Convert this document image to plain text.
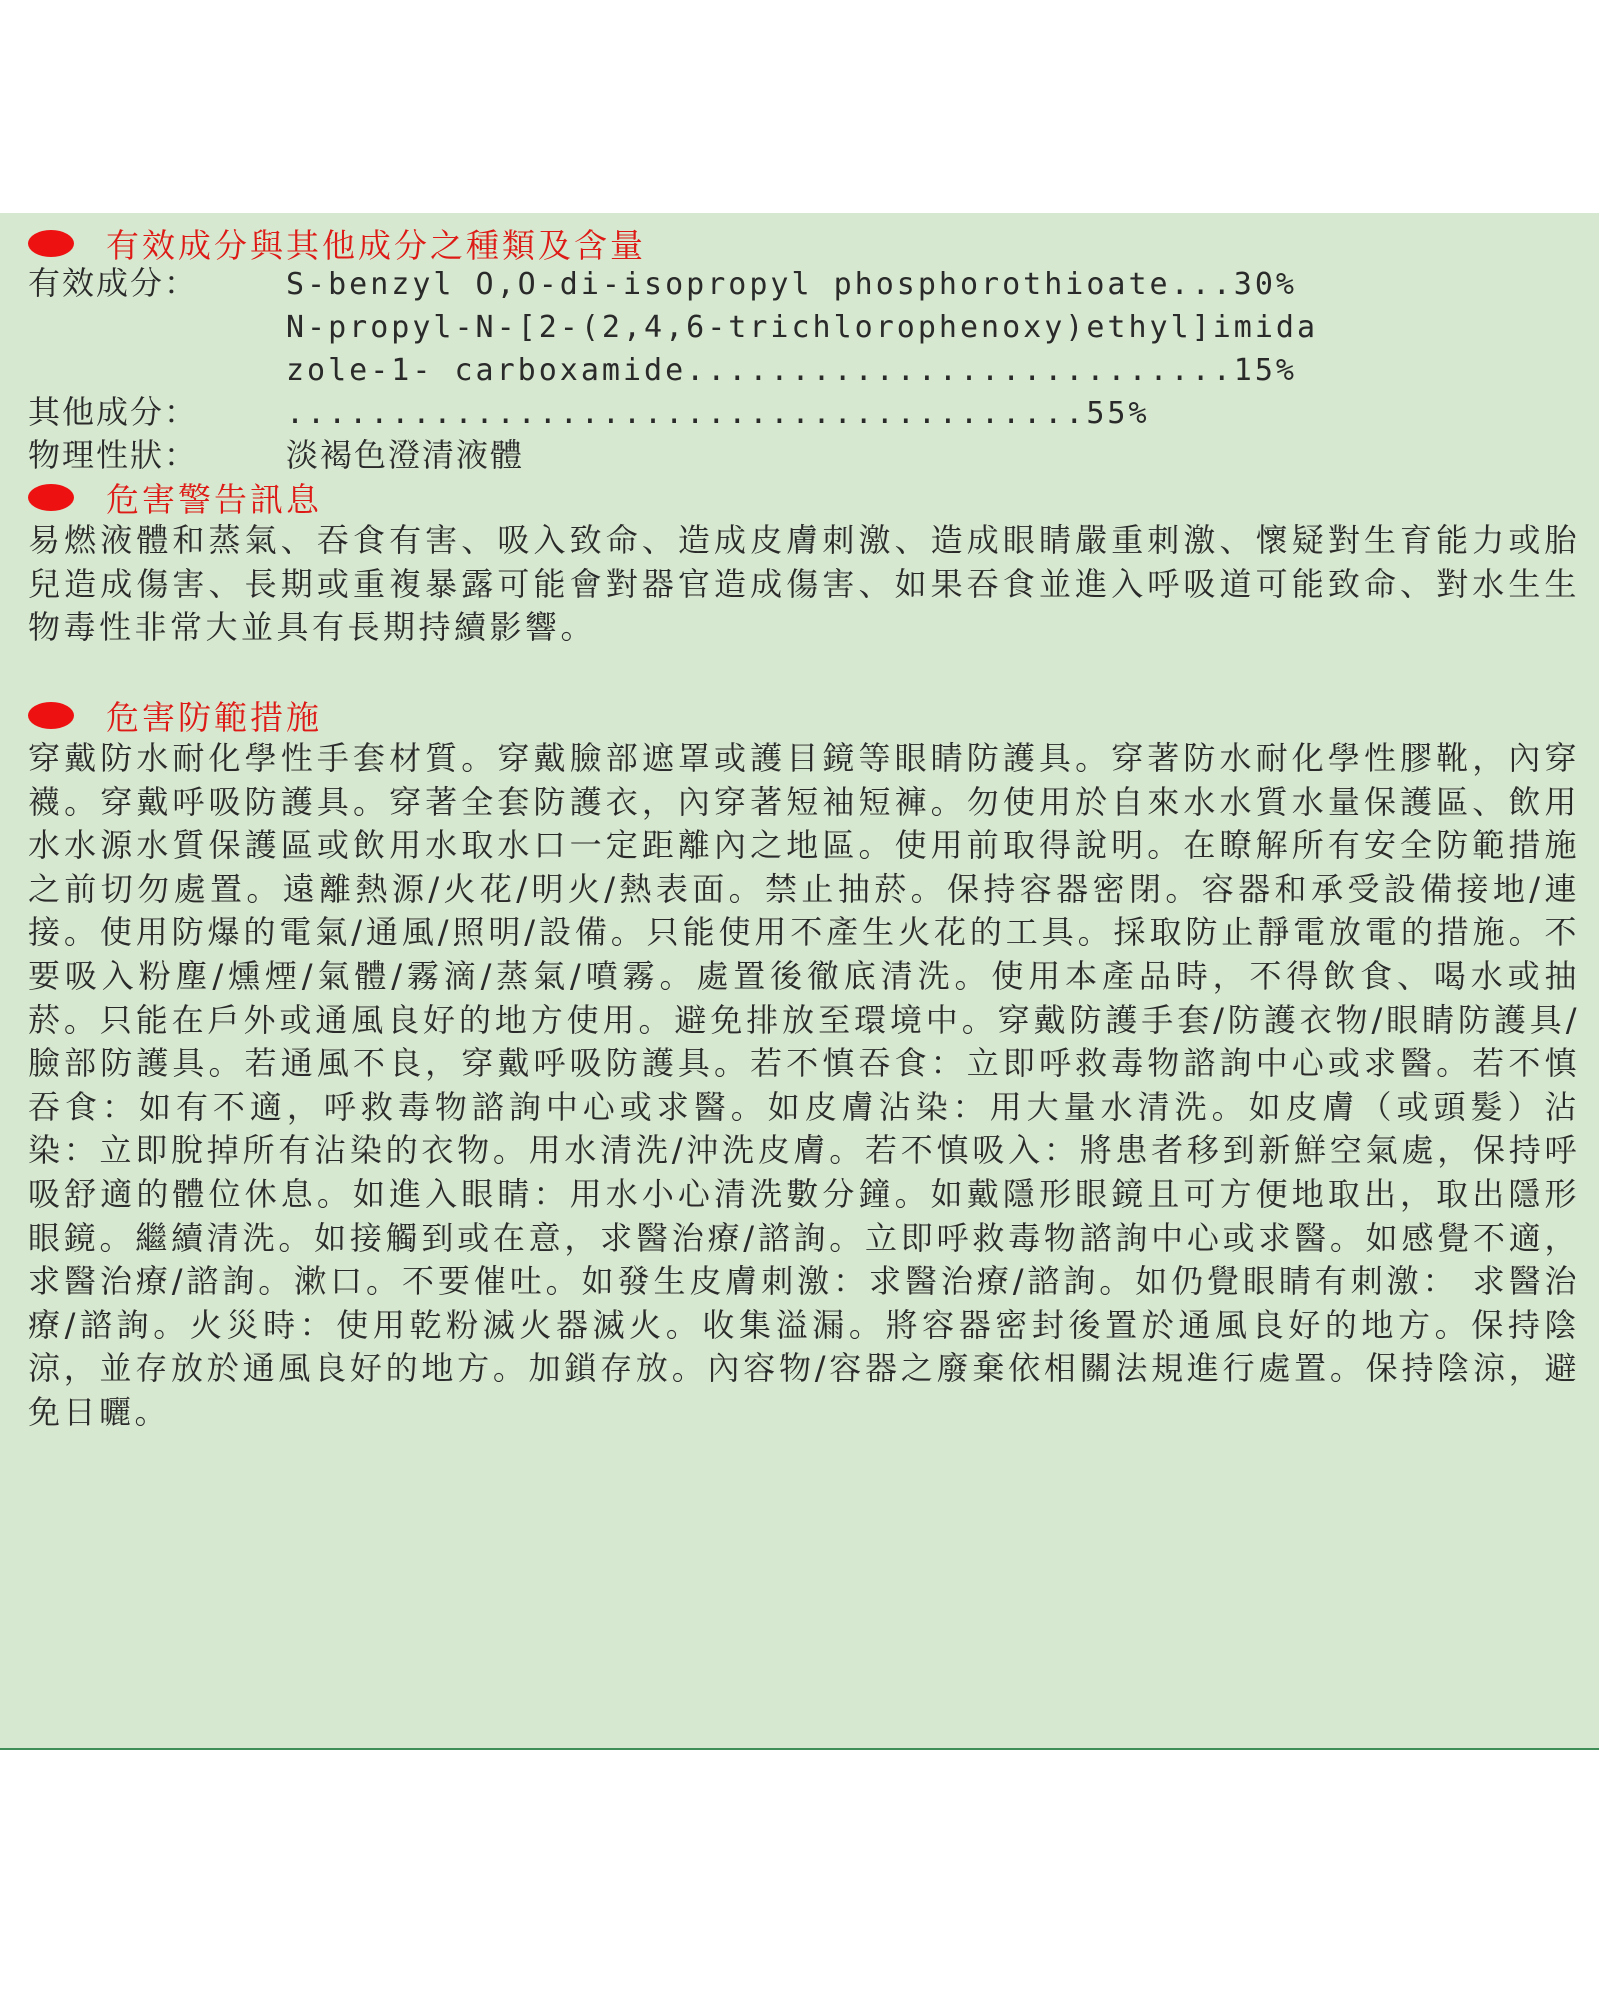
有效成分與其他成分之種類及含量
有效成分：	S-benzyl O,O-di-isopropyl phosphorothioate...30%
N-propyl-N-[2-(2,4,6-trichlorophenoxy)ethyl]imida
zole-1- carboxamide..........................15%
其他成分：	......................................55%
物理性狀：	淡褐色澄清液體
危害警告訊息
易燃液體和蒸氣、吞食有害、吸入致命、造成皮膚刺激、造成眼睛嚴重刺激、懷疑對生育能力或胎兒造成傷害、長期或重複暴露可能會對器官造成傷害、如果吞食並進入呼吸道可能致命、對水生生物毒性非常大並具有長期持續影響。
危害防範措施
穿戴防水耐化學性手套材質。穿戴臉部遮罩或護目鏡等眼睛防護具。穿著防水耐化學性膠靴，內穿襪。穿戴呼吸防護具。穿著全套防護衣，內穿著短袖短褲。勿使用於自來水水質水量保護區、飲用水水源水質保護區或飲用水取水口一定距離內之地區。使用前取得說明。在瞭解所有安全防範措施之前切勿處置。遠離熱源/火花/明火/熱表面。禁止抽菸。保持容器密閉。容器和承受設備接地/連接。使用防爆的電氣/通風/照明/設備。只能使用不產生火花的工具。採取防止靜電放電的措施。不要吸入粉塵/燻煙/氣體/霧滴/蒸氣/噴霧。處置後徹底清洗。使用本產品時，不得飲食、喝水或抽菸。只能在戶外或通風良好的地方使用。避免排放至環境中。穿戴防護手套/防護衣物/眼睛防護具/臉部防護具。若通風不良，穿戴呼吸防護具。若不慎吞食：立即呼救毒物諮詢中心或求醫。若不慎吞食：如有不適，呼救毒物諮詢中心或求醫。如皮膚沾染：用大量水清洗。如皮膚（或頭髮）沾染：立即脫掉所有沾染的衣物。用水清洗/沖洗皮膚。若不慎吸入：將患者移到新鮮空氣處，保持呼吸舒適的體位休息。如進入眼睛：用水小心清洗數分鐘。如戴隱形眼鏡且可方便地取出，取出隱形眼鏡。繼續清洗。如接觸到或在意，求醫治療/諮詢。立即呼救毒物諮詢中心或求醫。如感覺不適，求醫治療/諮詢。漱口。不要催吐。如發生皮膚刺激：求醫治療/諮詢。如仍覺眼睛有刺激： 求醫治療/諮詢。火災時：使用乾粉滅火器滅火。收集溢漏。將容器密封後置於通風良好的地方。保持陰涼，並存放於通風良好的地方。加鎖存放。內容物/容器之廢棄依相關法規進行處置。保持陰涼，避免日曬。
